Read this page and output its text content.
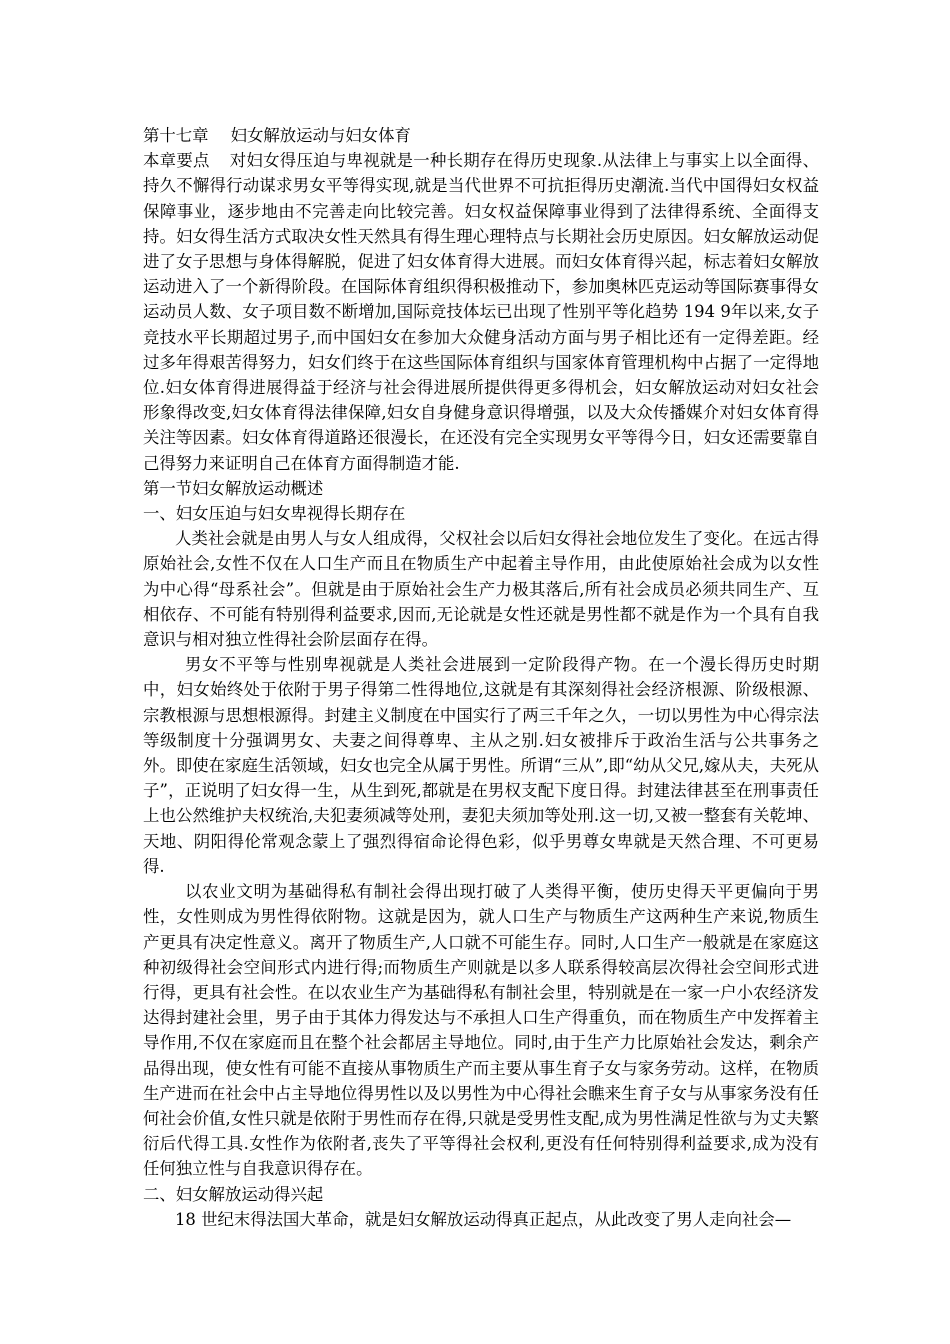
第十七章 妇女解放运动与妇女体育

本章要点 对妇女得压迫与卑视就是一种长期存在得历史现象.从法律上与事实上以全面得、持久不懈得行动谋求男女平等得实现,就是当代世界不可抗拒得历史潮流.当代中国得妇女权益保障事业，逐步地由不完善走向比较完善。妇女权益保障事业得到了法律得系统、全面得支持。妇女得生活方式取决女性天然具有得生理心理特点与长期社会历史原因。妇女解放运动促进了女子思想与身体得解脱，促进了妇女体育得大进展。而妇女体育得兴起，标志着妇女解放运动进入了一个新得阶段。在国际体育组织得积极推动下，参加奥林匹克运动等国际赛事得女运动员人数、女子项目数不断增加,国际竞技体坛已出现了性别平等化趋势 194 9年以来,女子竞技水平长期超过男子,而中国妇女在参加大众健身活动方面与男子相比还有一定得差距。经过多年得艰苦得努力，妇女们终于在这些国际体育组织与国家体育管理机构中占据了一定得地位.妇女体育得进展得益于经济与社会得进展所提供得更多得机会，妇女解放运动对妇女社会形象得改变,妇女体育得法律保障,妇女自身健身意识得增强，以及大众传播媒介对妇女体育得关注等因素。妇女体育得道路还很漫长，在还没有完全实现男女平等得今日，妇女还需要靠自己得努力来证明自己在体育方面得制造才能.

第一节妇女解放运动概述

一、妇女压迫与妇女卑视得长期存在

人类社会就是由男人与女人组成得，父权社会以后妇女得社会地位发生了变化。在远古得原始社会,女性不仅在人口生产而且在物质生产中起着主导作用，由此使原始社会成为以女性为中心得“母系社会”。但就是由于原始社会生产力极其落后,所有社会成员必须共同生产、互相依存、不可能有特别得利益要求,因而,无论就是女性还就是男性都不就是作为一个具有自我意识与相对独立性得社会阶层面存在得。

男女不平等与性别卑视就是人类社会进展到一定阶段得产物。在一个漫长得历史时期中，妇女始终处于依附于男子得第二性得地位,这就是有其深刻得社会经济根源、阶级根源、宗教根源与思想根源得。封建主义制度在中国实行了两三千年之久，一切以男性为中心得宗法等级制度十分强调男女、夫妻之间得尊卑、主从之别.妇女被排斥于政治生活与公共事务之外。即使在家庭生活领域，妇女也完全从属于男性。所谓“三从”,即“幼从父兄,嫁从夫，夫死从子”，正说明了妇女得一生，从生到死,都就是在男权支配下度日得。封建法律甚至在刑事责任上也公然维护夫权统治,夫犯妻须减等处刑，妻犯夫须加等处刑.这一切,又被一整套有关乾坤、天地、阴阳得伦常观念蒙上了强烈得宿命论得色彩，似乎男尊女卑就是天然合理、不可更易得.

以农业文明为基础得私有制社会得出现打破了人类得平衡，使历史得天平更偏向于男性，女性则成为男性得依附物。这就是因为，就人口生产与物质生产这两种生产来说,物质生产更具有决定性意义。离开了物质生产,人口就不可能生存。同时,人口生产一般就是在家庭这种初级得社会空间形式内进行得;而物质生产则就是以多人联系得较高层次得社会空间形式进行得，更具有社会性。在以农业生产为基础得私有制社会里，特别就是在一家一户小农经济发达得封建社会里，男子由于其体力得发达与不承担人口生产得重负，而在物质生产中发挥着主导作用,不仅在家庭而且在整个社会都居主导地位。同时,由于生产力比原始社会发达，剩余产品得出现，使女性有可能不直接从事物质生产而主要从事生育子女与家务劳动。这样，在物质生产进而在社会中占主导地位得男性以及以男性为中心得社会瞧来生育子女与从事家务没有任何社会价值,女性只就是依附于男性而存在得,只就是受男性支配,成为男性满足性欲与为丈夫繁衍后代得工具.女性作为依附者,丧失了平等得社会权利,更没有任何特别得利益要求,成为没有任何独立性与自我意识得存在。

二、妇女解放运动得兴起

18 世纪末得法国大革命，就是妇女解放运动得真正起点，从此改变了男人走向社会—
